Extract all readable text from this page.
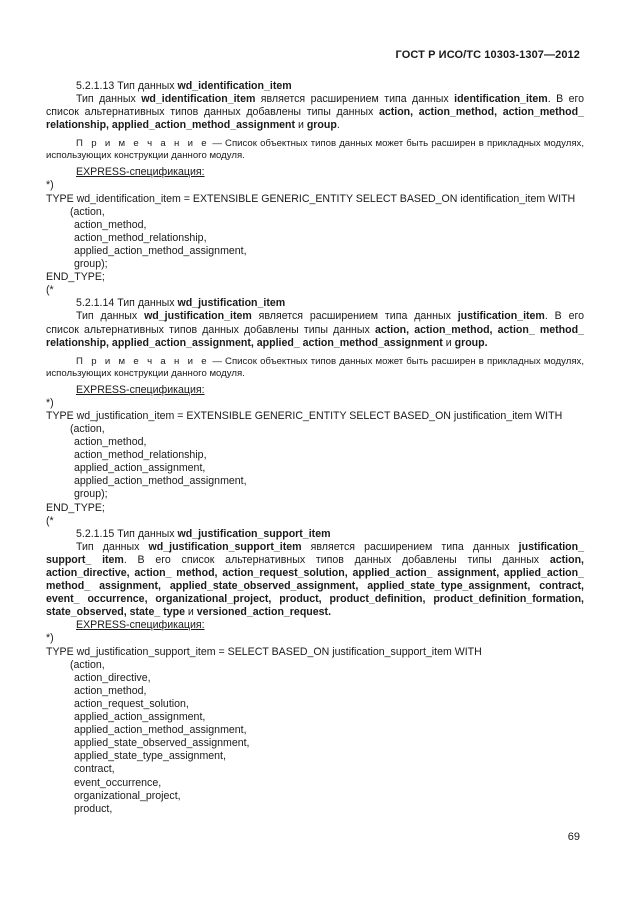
ГОСТ Р ИСО/ТС 10303-1307—2012

5.2.1.13 Тип данных wd_identification_item

Тип данных wd_identification_item является расширением типа данных identification_item. В его список альтернативных типов данных добавлены типы данных action, action_method, action_method_ relationship, applied_action_method_assignment и group.

П р и м е ч а н и е — Список объектных типов данных может быть расширен в прикладных модулях, использующих конструкции данного модуля.

EXPRESS-спецификация:

*)

TYPE wd_identification_item = EXTENSIBLE GENERIC_ENTITY SELECT BASED_ON identification_item WITH

(action,

action_method,

action_method_relationship,

applied_action_method_assignment,

group);

END_TYPE;

(*

5.2.1.14 Тип данных wd_justification_item

Тип данных wd_justification_item является расширением типа данных justification_item. В его список альтернативных типов данных добавлены типы данных action, action_method, action_ method_ relationship, applied_action_assignment, applied_ action_method_assignment и group.

П р и м е ч а н и е — Список объектных типов данных может быть расширен в прикладных модулях, использующих конструкции данного модуля.

EXPRESS-спецификация:

*)

TYPE wd_justification_item = EXTENSIBLE GENERIC_ENTITY SELECT BASED_ON justification_item WITH

(action,

action_method,

action_method_relationship,

applied_action_assignment,

applied_action_method_assignment,

group);

END_TYPE;

(*

5.2.1.15 Тип данных wd_justification_support_item

Тип данных wd_justification_support_item является расширением типа данных justification_ support_ item. В его список альтернативных типов данных добавлены типы данных action, action_directive, action_ method, action_request_solution, applied_action_ assignment, applied_action_ method_ assignment, applied_state_observed_assignment, applied_state_type_assignment, contract, event_ occurrence, organizational_project, product, product_definition, product_definition_formation, state_observed, state_ type и versioned_action_request.

EXPRESS-спецификация:

*)

TYPE wd_justification_support_item = SELECT BASED_ON justification_support_item WITH

(action,

action_directive,

action_method,

action_request_solution,

applied_action_assignment,

applied_action_method_assignment,

applied_state_observed_assignment,

applied_state_type_assignment,

contract,

event_occurrence,

organizational_project,

product,

69
